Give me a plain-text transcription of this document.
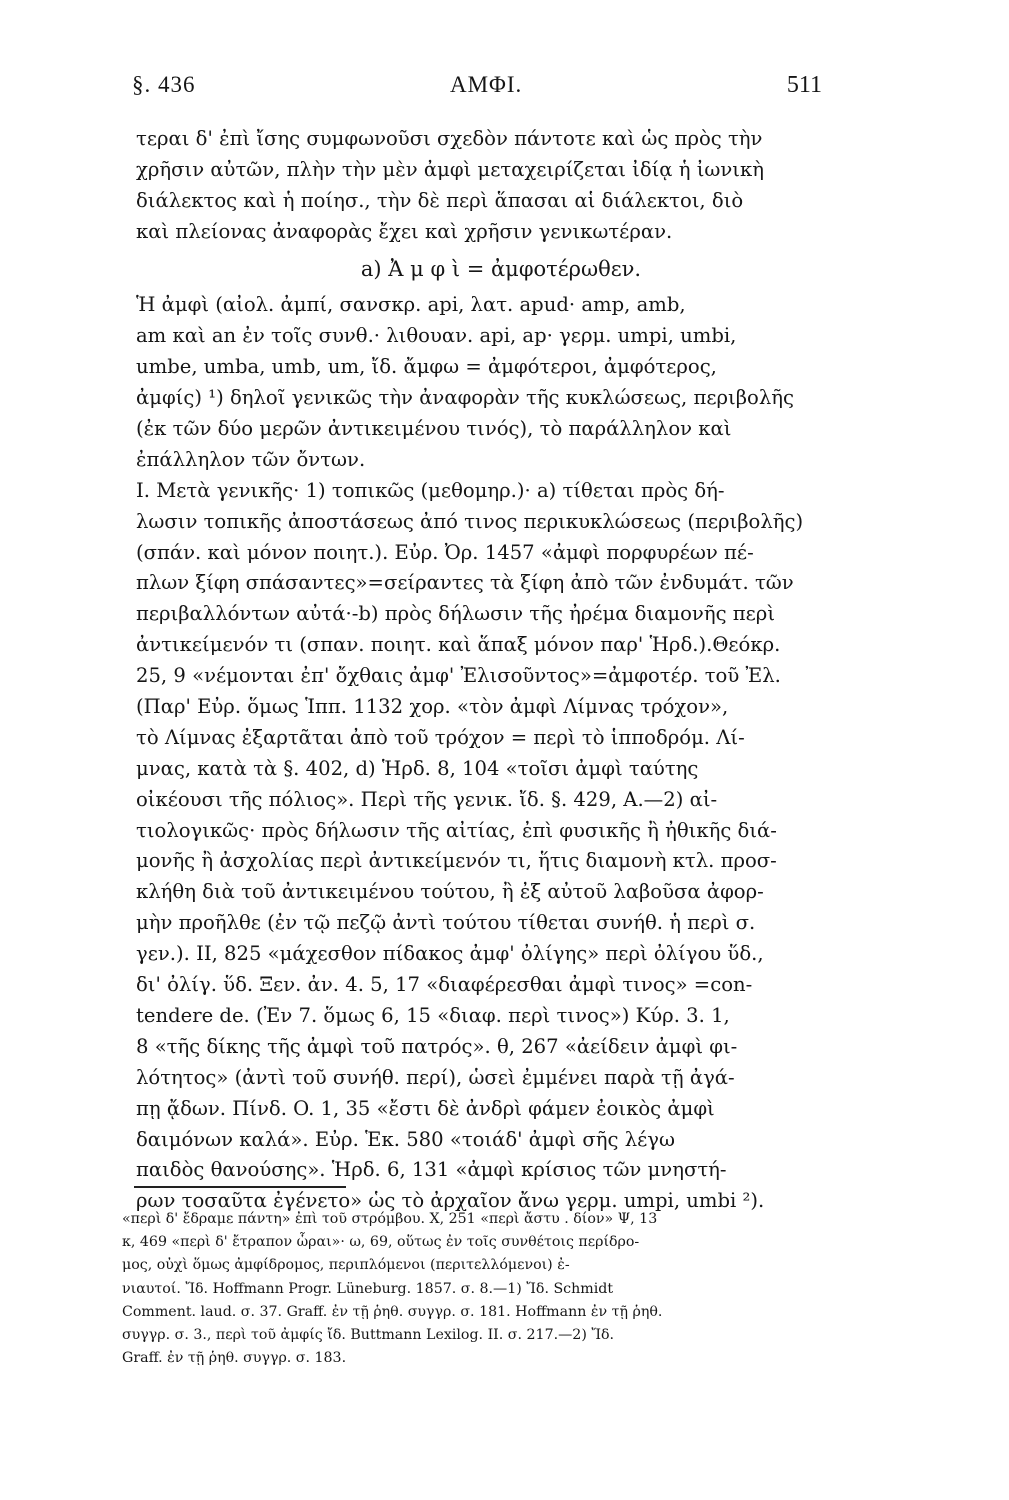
§. 436	ΑΜΦΙ.	511
τεραι δ' ἐπὶ ἴσης συμφωνοῦσι σχεδὸν πάντοτε καὶ ὡς πρὸς τὴν
χρῆσιν αὐτῶν, πλὴν τὴν μὲν ἀμφὶ μεταχειρίζεται ἰδίᾳ ἡ ἰωνικὴ
διάλεκτος καὶ ἡ ποίησ., τὴν δὲ περὶ ἅπασαι αἱ διάλεκτοι, διὸ
καὶ πλείονας ἀναφορὰς ἔχει καὶ χρῆσιν γενικωτέραν.
a) Ἀ μ φ ὶ = ἀμφοτέρωθεν.
Ἡ ἀμφὶ (αἰολ. ἀμπί, σανσκρ. api, λατ. apud· amp, amb,
am καὶ an ἐν τοῖς συνθ.· λιθουαν. api, ap· γερμ. umpi, umbi,
umbe, umba, umb, um, ἴδ. ἄμφω = ἀμφότεροι, ἀμφότερος,
ἀμφίς) ¹) δηλοῖ γενικῶς τὴν ἀναφορὰν τῆς κυκλώσεως, περιβολῆς
(ἐκ τῶν δύο μερῶν ἀντικειμένου τινός), τὸ παράλληλον καὶ
ἐπάλληλον τῶν ὄντων.
I. Μετὰ γενικῆς· 1) τοπικῶς (μεθομηρ.)· a) τίθεται πρὸς δή-
λωσιν τοπικῆς ἀποστάσεως ἀπό τινος περικυκλώσεως (περιβολῆς)
(σπάν. καὶ μόνον ποιητ.). Εὐρ. Ὀρ. 1457 «ἀμφὶ πορφυρέων πέ-
πλων ξίφη σπάσαντες»=σείραντες τὰ ξίφη ἀπὸ τῶν ἐνδυμάτ. τῶν
περιβαλλόντων αὐτά·-b) πρὸς δήλωσιν τῆς ἠρέμα διαμονῆς περὶ
ἀντικείμενόν τι (σπαν. ποιητ. καὶ ἅπαξ μόνον παρ' Ἡρδ.).Θεόκρ.
25, 9 «νέμονται ἐπ' ὄχθαις ἀμφ' Ἐλισοῦντος»=ἀμφοτέρ. τοῦ Ἐλ.
(Παρ' Εὐρ. ὅμως Ἱππ. 1132 χορ. «τὸν ἀμφὶ Λίμνας τρόχον»,
τὸ Λίμνας ἐξαρτᾶται ἀπὸ τοῦ τρόχον = περὶ τὸ ἱπποδρόμ. Λί-
μνας, κατὰ τὰ §. 402, d) Ἡρδ. 8, 104 «τοῖσι ἀμφὶ ταύτης
οἰκέουσι τῆς πόλιος». Περὶ τῆς γενικ. ἴδ. §. 429, Α.—2) αἰ-
τιολογικῶς· πρὸς δήλωσιν τῆς αἰτίας, ἐπὶ φυσικῆς ἢ ἠθικῆς διά-
μονῆς ἢ ἀσχολίας περὶ ἀντικείμενόν τι, ἥτις διαμονὴ κτλ. προσ-
κλήθη διὰ τοῦ ἀντικειμένου τούτου, ἢ ἐξ αὐτοῦ λαβοῦσα ἀφορ-
μὴν προῆλθε (ἐν τῷ πεζῷ ἀντὶ τούτου τίθεται συνήθ. ἡ περὶ σ.
γεν.). II, 825 «μάχεσθον πίδακος ἀμφ' ὀλίγης» περὶ ὀλίγου ὕδ.,
δι' ὀλίγ. ὕδ. Ξεν. ἀν. 4. 5, 17 «διαφέρεσθαι ἀμφὶ τινος» =con-
tendere de. (Ἐν 7. ὅμως 6, 15 «διαφ. περὶ τινος») Κύρ. 3. 1,
8 «τῆς δίκης τῆς ἀμφὶ τοῦ πατρός». θ, 267 «ἀείδειν ἀμφὶ φι-
λότητος» (ἀντὶ τοῦ συνήθ. περί), ὡσεὶ ἐμμένει παρὰ τῇ ἀγά-
πῃ ᾄδων. Πίνδ. O. 1, 35 «ἔστι δὲ ἀνδρὶ φάμεν ἐοικὸς ἀμφὶ
δαιμόνων καλά». Εὐρ. Ἑκ. 580 «τοιάδ' ἀμφὶ σῆς λέγω
παιδὸς θανούσης». Ἡρδ. 6, 131 «ἀμφὶ κρίσιος τῶν μνηστή-
ρων τοσαῦτα ἐγένετο» ὡς τὸ ἀρχαῖον ἄνω γερμ. umpi, umbi ²).
«περὶ δ' ἔδραμε πάντη» ἐπὶ τοῦ στρόμβου. X, 251 «περὶ ἄστυ . δίον» Ψ, 13
κ, 469 «περὶ δ' ἔτραπον ὧραι»· ω, 69, οὕτως ἐν τοῖς συνθέτοις περίδρο-
μος, οὐχὶ ὅμως ἀμφίδρομος, περιπλόμενοι (περιτελλόμενοι) ἐ-
νιαυτοί. Ἴδ. Hoffmann Progr. Lüneburg. 1857. σ. 8.—1) Ἴδ. Schmidt
Comment. laud. σ. 37. Graff. ἐν τῇ ῥηθ. συγγρ. σ. 181. Hoffmann ἐν τῇ ῥηθ.
συγγρ. σ. 3., περὶ τοῦ ἀμφίς ἴδ. Buttmann Lexilog. II. σ. 217.—2) Ἴδ.
Graff. ἐν τῇ ῥηθ. συγγρ. σ. 183.
